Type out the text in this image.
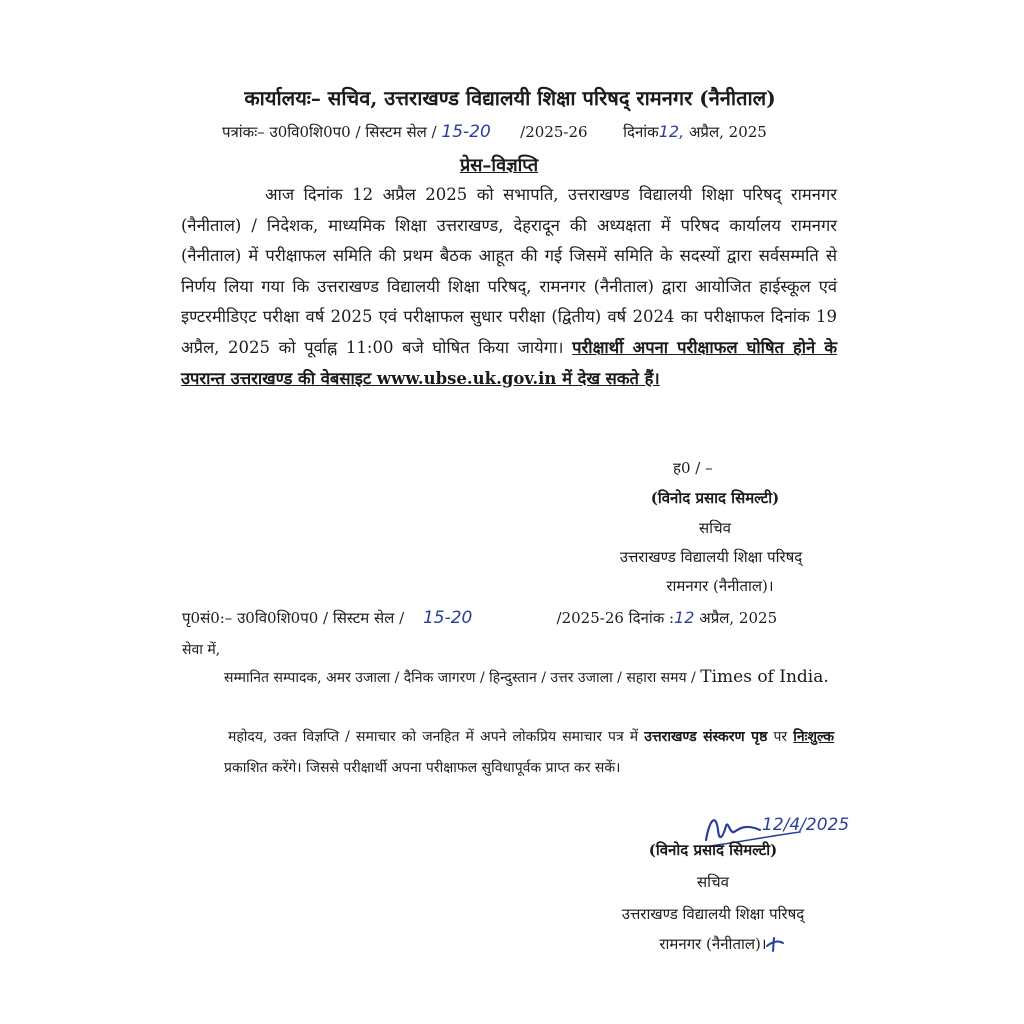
कार्यालयः– सचिव, उत्तराखण्ड विद्यालयी शिक्षा परिषद् रामनगर (नैनीताल)
पत्रांकः– उ0वि0शि0प0 / सिस्टम सेल / 15-20 /2025-26 दिनांक12, अप्रैल, 2025
प्रेस–विज्ञप्ति
आज दिनांक 12 अप्रैल 2025 को सभापति, उत्तराखण्ड विद्यालयी शिक्षा परिषद् रामनगर (नैनीताल) / निदेशक, माध्यमिक शिक्षा उत्तराखण्ड, देहरादून की अध्यक्षता में परिषद कार्यालय रामनगर (नैनीताल) में परीक्षाफल समिति की प्रथम बैठक आहूत की गई जिसमें समिति के सदस्यों द्वारा सर्वसम्मति से निर्णय लिया गया कि उत्तराखण्ड विद्यालयी शिक्षा परिषद्, रामनगर (नैनीताल) द्वारा आयोजित हाईस्कूल एवं इण्टरमीडिएट परीक्षा वर्ष 2025 एवं परीक्षाफल सुधार परीक्षा (द्वितीय) वर्ष 2024 का परीक्षाफल दिनांक 19 अप्रैल, 2025 को पूर्वाह्न 11:00 बजे घोषित किया जायेगा। परीक्षार्थी अपना परीक्षाफल घोषित होने के उपरान्त उत्तराखण्ड की वेबसाइट www.ubse.uk.gov.in में देख सकते हैं।
ह0 / –
(विनोद प्रसाद सिमल्टी)
सचिव
उत्तराखण्ड विद्यालयी शिक्षा परिषद्
रामनगर (नैनीताल)।
पृ0सं0:– उ0वि0शि0प0 / सिस्टम सेल / 15-20	/2025-26 दिनांक :12 अप्रैल, 2025
सेवा में,
सम्मानित सम्पादक, अमर उजाला / दैनिक जागरण / हिन्दुस्तान / उत्तर उजाला / सहारा समय / Times of India.
महोदय, उक्त विज्ञप्ति / समाचार को जनहित में अपने लोकप्रिय समाचार पत्र में उत्तराखण्ड संस्करण पृष्ठ पर निःशुल्क प्रकाशित करेंगे। जिससे परीक्षार्थी अपना परीक्षाफल सुविधापूर्वक प्राप्त कर सकें।
12/4/2025
(विनोद प्रसाद सिमल्टी)
सचिव
उत्तराखण्ड विद्यालयी शिक्षा परिषद्
रामनगर (नैनीताल)।
